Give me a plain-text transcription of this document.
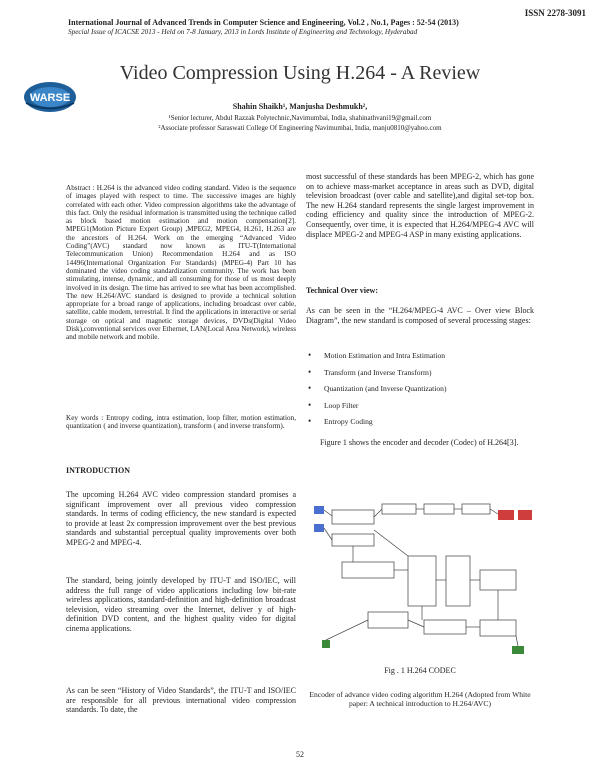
ISSN 2278-3091
International Journal of Advanced Trends in Computer Science and Engineering, Vol.2 , No.1, Pages : 52-54 (2013)
Special Issue of ICACSE 2013 - Held on 7-8 January, 2013 in Lords Institute of Engineering and Technology, Hyderabad
WARSE
Video Compression Using H.264 - A Review
Shahin Shaikh¹, Manjusha Deshmukh²,
¹Senior lecturer, Abdul Razzak Polytechnic,Navimumbai, India, shahinathvani19@gmail.com
²Associate professor Saraswati College Of Engineering Navimumbai, India, manju0810@yahoo.com

Abstract : H.264 is the advanced video coding standard. Video is the sequence of images played with respect to time. The successive images are highly correlated with each other. Video compression algorithms take the advantage of this fact. Only the residual information is transmitted using the technique called as block based motion estimation and motion compensation[2]. MPEG1(Motion Picture Expert Group) ,MPEG2, MPEG4, H.261, H.263 are the ancestors of H.264. Work on the emerging “Advanced Video Coding”(AVC) standard now known as ITU-T(International Telecommunication Union) Recommendation H.264 and as ISO 14496(International Organization For Standards) (MPEG-4) Part 10 has dominated the video coding standardization community. The work has been stimulating, intense, dynamic, and all consuming for those of us most deeply involved in its design. The time has arrived to see what has been accomplished. The new H.264/AVC standard is designed to provide a technical solution appropriate for a broad range of applications, including broadcast over cable, satellite, cable modem, terrestrial. It find the applications in interactive or serial storage on optical and magnetic storage devices, DVDs(Digital Video Disk),conventional services over Ethernet, LAN(Local Area Network), wireless and mobile network and mobile.

Key words : Entropy coding, intra estimation, loop filter, motion estimation, quantization ( and inverse quantization), transform ( and inverse transform).

INTRODUCTION

The upcoming H.264 AVC video compression standard promises a significant improvement over all previous video compression standards. In terms of coding efficiency, the new standard is expected to provide at least 2x compression improvement over the best previous standards and substantial perceptual quality improvements over both MPEG-2 and MPEG-4.

The standard, being jointly developed by ITU-T and ISO/IEC, will address the full range of video applications including low bit-rate wireless applications, standard-definition and high-definition broadcast television, video streaming over the Internet, deliver y of high-definition DVD content, and the highest quality video for digital cinema applications.

As can be seen “History of Video Standards”, the ITU-T and ISO/IEC are responsible for all previous international video compression standards. To date, the

most successful of these standards has been MPEG-2, which has gone on to achieve mass-market acceptance in areas such as DVD, digital television broadcast (over cable and satellite),and digital set-top box. The new H.264 standard represents the single largest improvement in coding efficiency and quality since the introduction of MPEG-2. Consequently, over time, it is expected that H.264/MPEG-4 AVC will displace MPEG-2 and MPEG-4 ASP in many existing applications.

Technical Over view:

As can be seen in the “H.264/MPEG-4 AVC – Over view Block Diagram”, the new standard is composed of several processing stages:

• Motion Estimation and Intra Estimation
• Transform (and Inverse Transform)
• Quantization (and Inverse Quantization)
• Loop Filter
• Entropy Coding

Figure 1 shows the encoder and decoder (Codec) of H.264[3].

Fig . 1 H.264 CODEC
Encoder of advance video coding algorithm H.264 (Adopted from White paper: A technical introduction to H.264/AVC)
52
